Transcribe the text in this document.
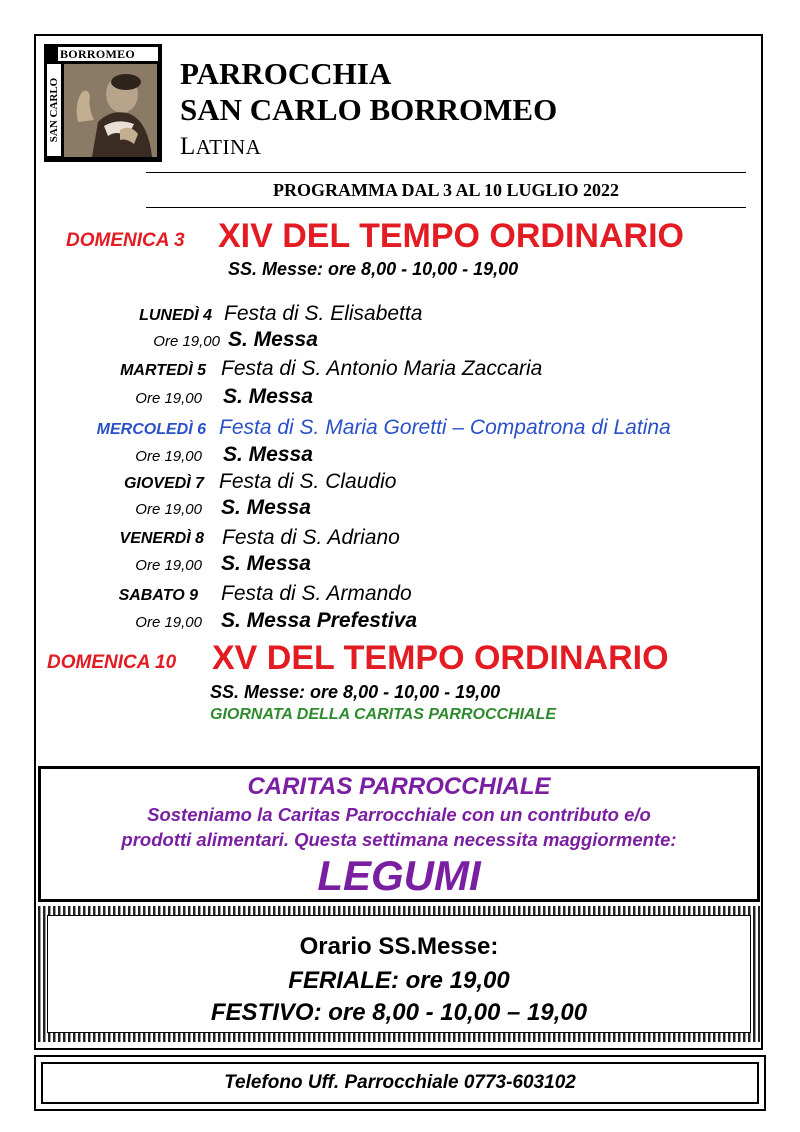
BORROMEO
SAN CARLO
PARROCCHIA
SAN CARLO BORROMEO
LATINA
PROGRAMMA DAL 3 AL 10 LUGLIO 2022
DOMENICA 3 XIV DEL TEMPO ORDINARIO
SS. Messe: ore 8,00 - 10,00 - 19,00
LUNEDÌ 4 Festa di S. Elisabetta
Ore 19,00 S. Messa
MARTEDÌ 5 Festa di S. Antonio Maria Zaccaria
Ore 19,00 S. Messa
MERCOLEDÌ 6 Festa di S. Maria Goretti – Compatrona di Latina
Ore 19,00 S. Messa
GIOVEDÌ 7 Festa di S. Claudio
Ore 19,00 S. Messa
VENERDÌ 8 Festa di S. Adriano
Ore 19,00 S. Messa
SABATO 9 Festa di S. Armando
Ore 19,00 S. Messa Prefestiva
DOMENICA 10 XV DEL TEMPO ORDINARIO
SS. Messe: ore 8,00 - 10,00 - 19,00
GIORNATA DELLA CARITAS PARROCCHIALE
CARITAS PARROCCHIALE
Sosteniamo la Caritas Parrocchiale con un contributo e/o
prodotti alimentari. Questa settimana necessita maggiormente:
LEGUMI
Orario SS.Messe:
FERIALE: ore 19,00
FESTIVO: ore 8,00 - 10,00 – 19,00
Telefono Uff. Parrocchiale 0773-603102
